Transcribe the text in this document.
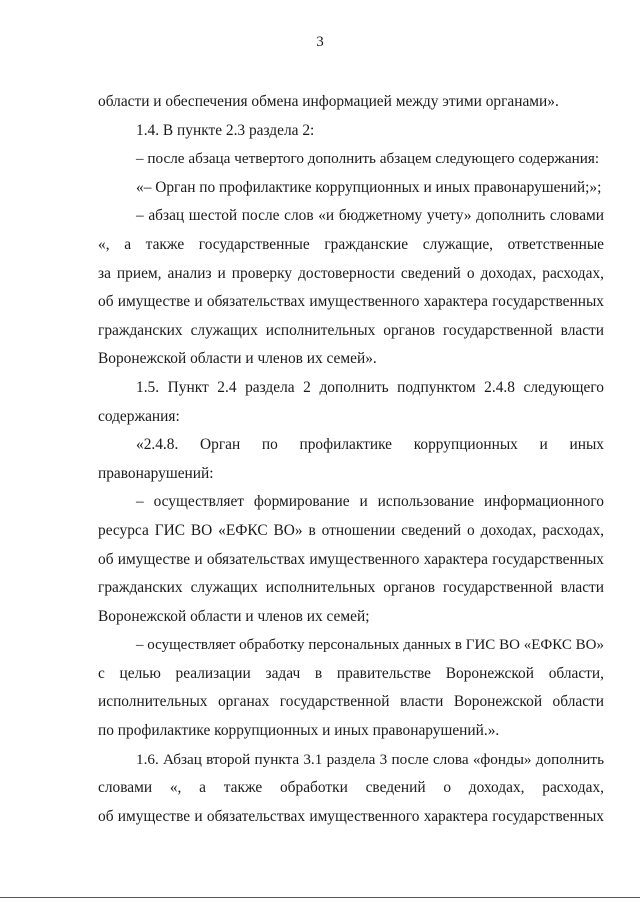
3
области и обеспечения обмена информацией между этими органами».
1.4. В пункте 2.3 раздела 2:
– после абзаца четвертого дополнить абзацем следующего содержания:
«– Орган по профилактике коррупционных и иных правонарушений;»;
– абзац шестой после слов «и бюджетному учету» дополнить словами
«, а также государственные гражданские служащие, ответственные
за прием, анализ и проверку достоверности сведений о доходах, расходах,
об имуществе и обязательствах имущественного характера государственных
гражданских служащих исполнительных органов государственной власти
Воронежской области и членов их семей».
1.5. Пункт 2.4 раздела 2 дополнить подпунктом 2.4.8 следующего
содержания:
«2.4.8. Орган по профилактике коррупционных и иных
правонарушений:
– осуществляет формирование и использование информационного
ресурса ГИС ВО «ЕФКС ВО» в отношении сведений о доходах, расходах,
об имуществе и обязательствах имущественного характера государственных
гражданских служащих исполнительных органов государственной власти
Воронежской области и членов их семей;
– осуществляет обработку персональных данных в ГИС ВО «ЕФКС ВО»
с целью реализации задач в правительстве Воронежской области,
исполнительных органах государственной власти Воронежской области
по профилактике коррупционных и иных правонарушений.».
1.6. Абзац второй пункта 3.1 раздела 3 после слова «фонды» дополнить
словами «, а также обработки сведений о доходах, расходах,
об имуществе и обязательствах имущественного характера государственных
